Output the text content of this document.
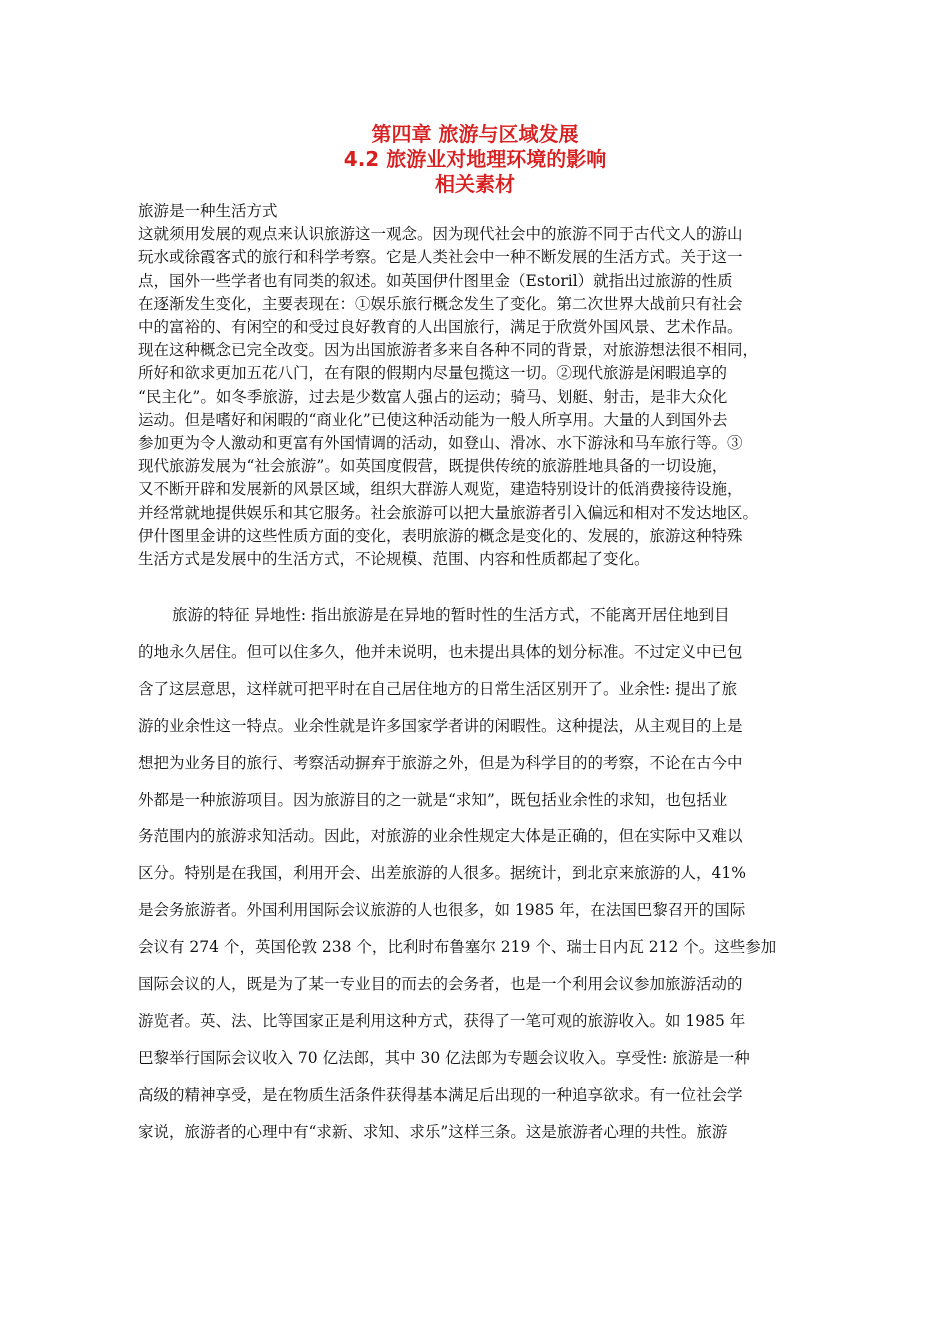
第四章 旅游与区域发展
4.2 旅游业对地理环境的影响
相关素材
旅游是一种生活方式
这就须用发展的观点来认识旅游这一观念。因为现代社会中的旅游不同于古代文人的游山
玩水或徐霞客式的旅行和科学考察。它是人类社会中一种不断发展的生活方式。关于这一
点，国外一些学者也有同类的叙述。如英国伊什图里金（Estoril）就指出过旅游的性质
在逐渐发生变化，主要表现在：①娱乐旅行概念发生了变化。第二次世界大战前只有社会
中的富裕的、有闲空的和受过良好教育的人出国旅行，满足于欣赏外国风景、艺术作品。
现在这种概念已完全改变。因为出国旅游者多来自各种不同的背景，对旅游想法很不相同，
所好和欲求更加五花八门，在有限的假期内尽量包揽这一切。②现代旅游是闲暇追享的
“民主化”。如冬季旅游，过去是少数富人强占的运动；骑马、划艇、射击，是非大众化
运动。但是嗜好和闲暇的“商业化”已使这种活动能为一般人所享用。大量的人到国外去
参加更为令人激动和更富有外国情调的活动，如登山、滑冰、水下游泳和马车旅行等。③
现代旅游发展为“社会旅游”。如英国度假营，既提供传统的旅游胜地具备的一切设施，
又不断开辟和发展新的风景区域，组织大群游人观览，建造特别设计的低消费接待设施，
并经常就地提供娱乐和其它服务。社会旅游可以把大量旅游者引入偏远和相对不发达地区。
伊什图里金讲的这些性质方面的变化，表明旅游的概念是变化的、发展的，旅游这种特殊
生活方式是发展中的生活方式，不论规模、范围、内容和性质都起了变化。
旅游的特征 异地性: 指出旅游是在异地的暂时性的生活方式，不能离开居住地到目
的地永久居住。但可以住多久，他并未说明，也未提出具体的划分标准。不过定义中已包
含了这层意思，这样就可把平时在自己居住地方的日常生活区别开了。业余性: 提出了旅
游的业余性这一特点。业余性就是许多国家学者讲的闲暇性。这种提法，从主观目的上是
想把为业务目的旅行、考察活动摒弃于旅游之外，但是为科学目的的考察，不论在古今中
外都是一种旅游项目。因为旅游目的之一就是“求知”，既包括业余性的求知，也包括业
务范围内的旅游求知活动。因此，对旅游的业余性规定大体是正确的，但在实际中又难以
区分。特别是在我国，利用开会、出差旅游的人很多。据统计，到北京来旅游的人，41%
是会务旅游者。外国利用国际会议旅游的人也很多，如 1985 年，在法国巴黎召开的国际
会议有 274 个，英国伦敦 238 个，比利时布鲁塞尔 219 个、瑞士日内瓦 212 个。这些参加
国际会议的人，既是为了某一专业目的而去的会务者，也是一个利用会议参加旅游活动的
游览者。英、法、比等国家正是利用这种方式，获得了一笔可观的旅游收入。如 1985 年
巴黎举行国际会议收入 70 亿法郎，其中 30 亿法郎为专题会议收入。享受性: 旅游是一种
高级的精神享受，是在物质生活条件获得基本满足后出现的一种追享欲求。有一位社会学
家说，旅游者的心理中有“求新、求知、求乐”这样三条。这是旅游者心理的共性。旅游
